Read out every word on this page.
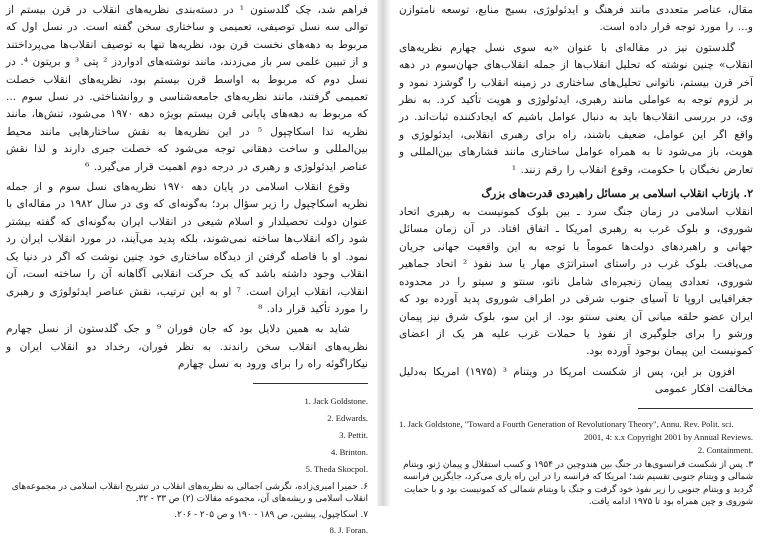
فراهم شد، چک گلدستون ¹ در دسته‌بندی نظریه‌های انقلاب در قرن بیستم از توالی سه نسل توصیفی، تعمیمی و ساختاری سخن گفته است. در نسل اول که مربوط به دهه‌های نخست قرن بود، نظریه‌ها تنها به توصیف انقلاب‌ها می‌پرداختند و از تبیین علمی سر باز می‌زدند، مانند نوشته‌های ادواردز ² پتی ³ و بریتون ⁴. در نسل دوم که مربوط به اواسط قرن بیستم بود، نظریه‌های انقلاب خصلت تعمیمی گرفتند، مانند نظریه‌های جامعه‌شناسی و روانشناختی. در نسل سوم ... که مربوط به دهه‌های پایانی قرن بیستم بویژه دهه ۱۹۷۰ می‌شود، تنش‌ها، مانند نظریه تدا اسکاچپول ⁵ در این نظریه‌ها به نقش ساختارهایی مانند محیط بین‌المللی و ساخت دهقانی توجه می‌شود که خصلت جبری دارند و لذا نقش عناصر ایدئولوژی و رهبری در درجه دوم اهمیت قرار می‌گیرد. ⁶

وقوع انقلاب اسلامی در پایان دهه ۱۹۷۰ نظریه‌های نسل سوم و از جمله نظریه اسکاچپول را زیر سؤال برد؛ به‌گونه‌ای که وی در سال ۱۹۸۲ در مقاله‌ای با عنوان دولت تحصیلدار و اسلام شیعی در انقلاب ایران به‌گونه‌ای که گفته بیشتر شود راکه انقلاب‌ها ساخته نمی‌شوند، بلکه پدید می‌آیند، در مورد انقلاب ایران رد نمود. او با فاصله گرفتن از دیدگاه ساختاری خود چنین نوشت که اگر در دنیا یک انقلاب وجود داشته باشد که یک حرکت انقلابی آگاهانه آن را ساخته است، آن انقلاب، انقلاب ایران است. ⁷ او به این ترتیب، نقش عناصر ایدئولوژی و رهبری را مورد تأکید قرار داد. ⁸

شاید به همین دلایل بود که جان فوران ⁹ و جک گلدستون از نسل چهارم نظریه‌های انقلاب سخن راندند. به نظر فوران، رخداد دو انقلاب ایران و نیکاراگوئه راه را برای ورود به نسل چهارم

1. Jack Goldstone.
2. Edwards.
3. Pettit.
4. Brinton.
5. Theda Skocpol.

۶. حمیرا امیری‌زاده، نگرشی اجمالی به نظریه‌های انقلاب در تشریح انقلاب اسلامی در مجموعه‌های انقلاب اسلامی و ریشه‌های آن، مجموعه مقالات (۲) ص ۳۳ - ۳۲.

۷. اسکاچپول، پیشین، ص ۱۸۹ - ۱۹۰ و ص ۲۰۵ - ۲۰۶.

8. J. Foran.

مقال، عناصر متعددی مانند فرهنگ و ایدئولوژی، بسیج منابع، توسعه نامتوازن و... را مورد توجه قرار داده است.

گلدستون نیز در مقاله‌ای با عنوان «به سوی نسل چهارم نظریه‌های انقلاب» چنین نوشته که تحلیل انقلاب‌ها از جمله انقلاب‌های جهان‌سوم در دهه آخر قرن بیستم، ناتوانی تحلیل‌های ساختاری در زمینه انقلاب را گوشزد نمود و بر لزوم توجه به عواملی مانند رهبری، ایدئولوژی و هویت تأکید کرد. به نظر وی، در بررسی انقلاب‌ها باید به دنبال عوامل باشیم که ایجادکننده ثبات‌اند. در واقع اگر این عوامل، ضعیف باشند، راه برای رهبری انقلابی، ایدئولوژی و هویت، باز می‌شود تا به همراه عوامل ساختاری مانند فشارهای بین‌المللی و تعارض نخبگان با حکومت، وقوع انقلاب را رقم زنند. ¹

۲. بازتاب انقلاب اسلامی بر مسائل راهبردی قدرت‌های بزرگ

انقلاب اسلامی در زمان جنگ سرد ـ بین بلوک کمونیست به رهبری اتحاد شوروی، و بلوک غرب به رهبری امریکا ـ اتفاق افتاد. در آن زمان مسائل جهانی و راهبردهای دولت‌ها عموماً با توجه به این واقعیت جهانی جریان می‌یافت. بلوک غرب در راستای استراتژی مهار یا سد نفوذ ² اتحاد جماهیر شوروی، تعدادی پیمان زنجیره‌ای شامل ناتو، سنتو و سیتو را در محدوده جغرافیایی اروپا تا آسیای جنوب شرقی در اطراف شوروی پدید آورده بود که ایران عضو حلقه میانی آن یعنی سنتو بود. از این سو، بلوک شرق نیز پیمان ورشو را برای جلوگیری از نفوذ یا حملات غرب علیه هر یک از اعضای کمونیست این پیمان بوجود آورده بود.

افزون بر این، پس از شکست امریکا در ویتنام ³ (۱۹۷۵) امریکا به‌دلیل مخالفت افکار عمومی

1. Jack Goldstone, "Toward a Fourth Generation of Revolutionary Theory", Annu. Rev. Polit. sci. 2001, 4: x.x Copyright 2001 by Annual Reviews.

2. Containment.

۳. پس از شکست فرانسوی‌ها در جنگ بین هندوچین در ۱۹۵۴ و کسب استقلال و پیمان ژنو، ویتنام شمالی و ویتنام جنوبی تقسیم شد؛ امریکا که فرانسه را در این راه یاری می‌کرد، جایگزین فرانسه گردید و ویتنام جنوبی را زیر نفوذ خود گرفت و جنگ با ویتنام شمالی که کمونیست بود و با حمایت شوروی و چین همراه بود تا ۱۹۷۵ ادامه یافت.
